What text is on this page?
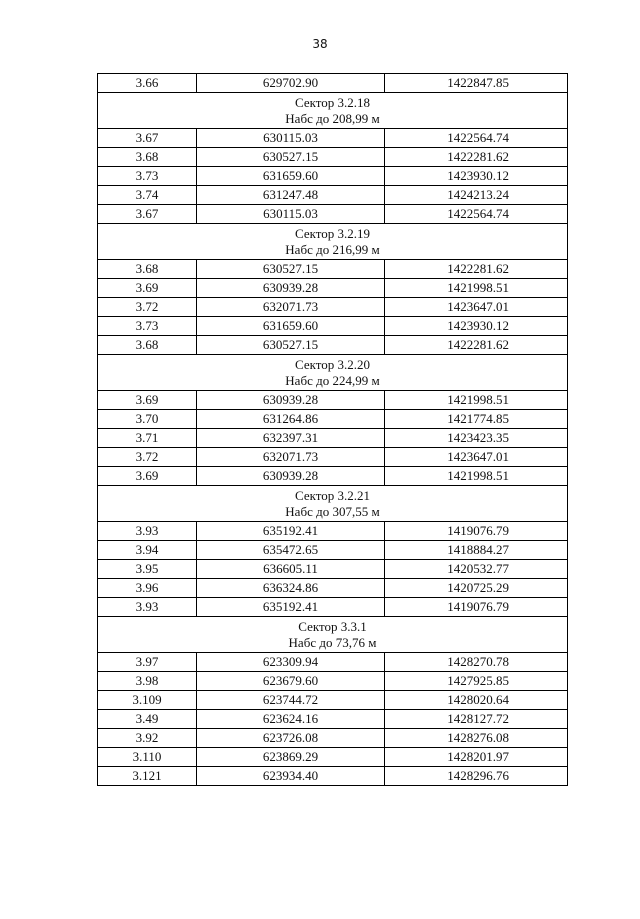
38
3.66	629702.90	1422847.85

Сектор 3.2.18
Набс до 208,99 м		

3.67	630115.03	1422564.74
3.68	630527.15	1422281.62
3.73	631659.60	1423930.12
3.74	631247.48	1424213.24
3.67	630115.03	1422564.74

Сектор 3.2.19
Набс до 216,99 м		

3.68	630527.15	1422281.62
3.69	630939.28	1421998.51
3.72	632071.73	1423647.01
3.73	631659.60	1423930.12
3.68	630527.15	1422281.62

Сектор 3.2.20
Набс до 224,99 м		

3.69	630939.28	1421998.51
3.70	631264.86	1421774.85
3.71	632397.31	1423423.35
3.72	632071.73	1423647.01
3.69	630939.28	1421998.51

Сектор 3.2.21
Набс до 307,55 м		

3.93	635192.41	1419076.79
3.94	635472.65	1418884.27
3.95	636605.11	1420532.77
3.96	636324.86	1420725.29
3.93	635192.41	1419076.79

Сектор 3.3.1
Набс до 73,76 м		

3.97	623309.94	1428270.78
3.98	623679.60	1427925.85
3.109	623744.72	1428020.64
3.49	623624.16	1428127.72
3.92	623726.08	1428276.08
3.110	623869.29	1428201.97
3.121	623934.40	1428296.76
